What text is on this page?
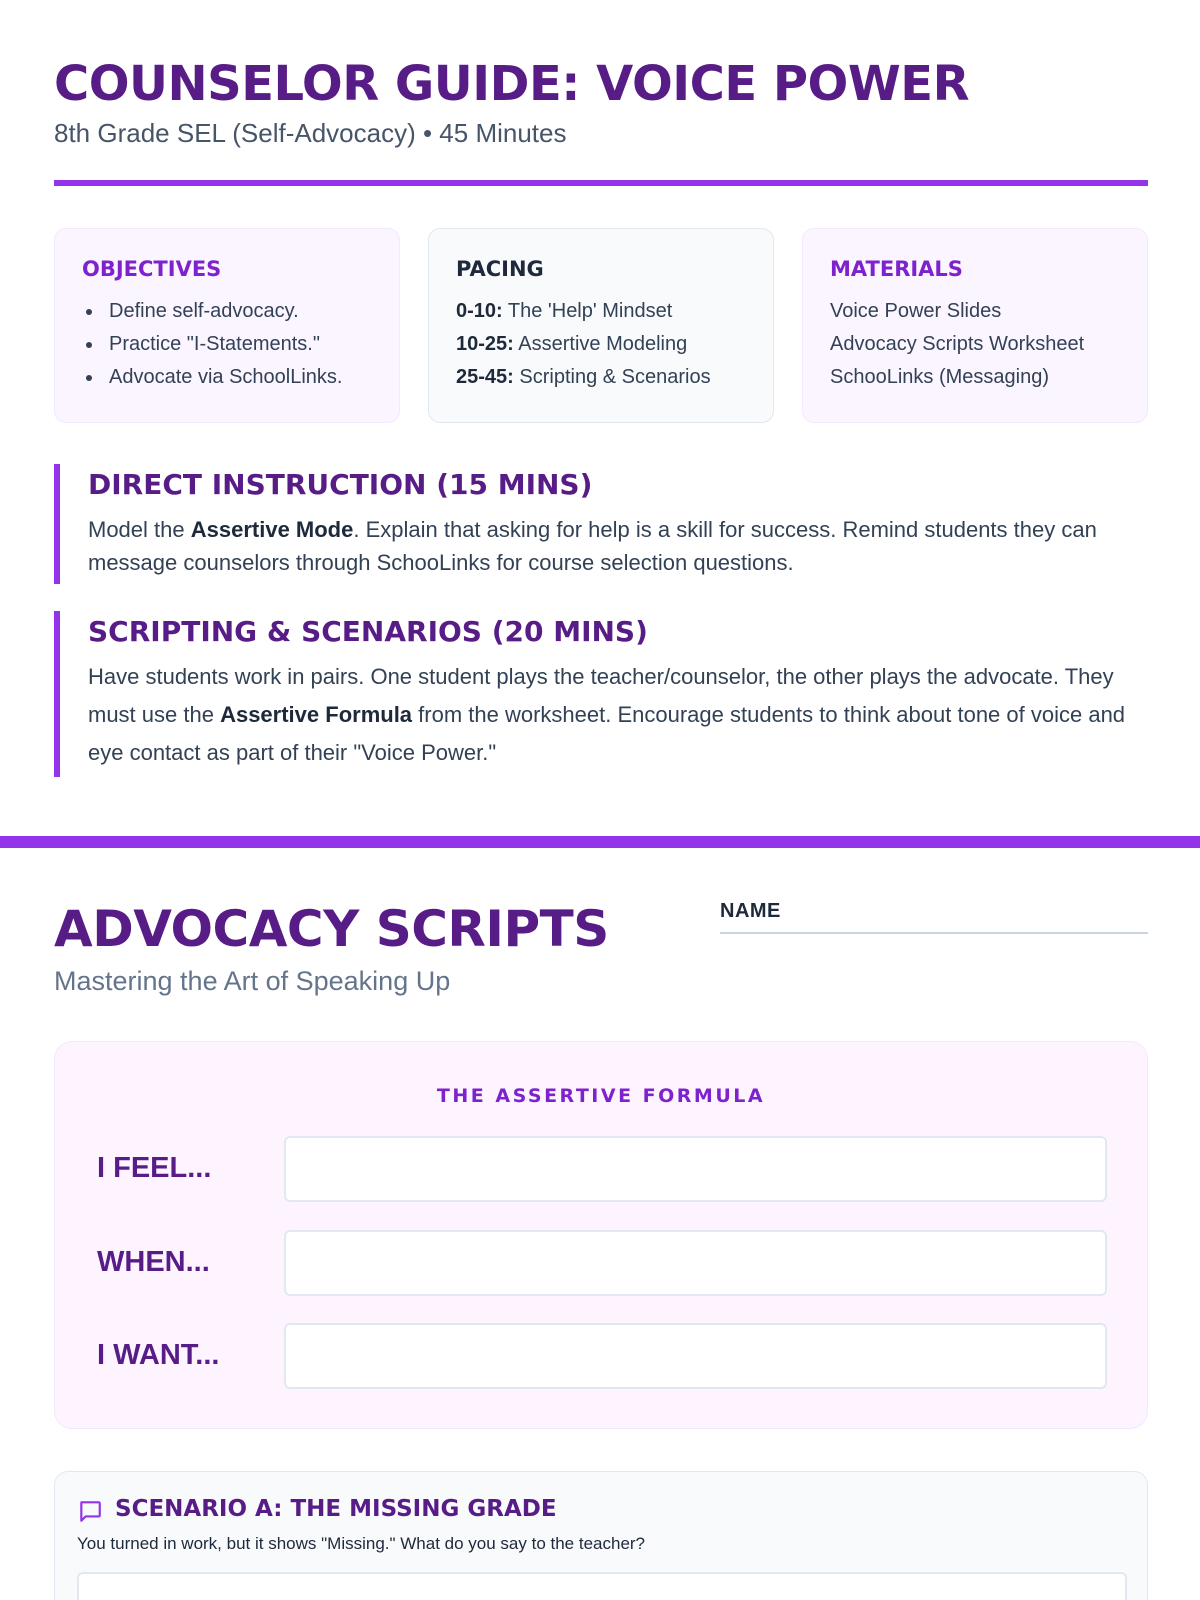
COUNSELOR GUIDE: VOICE POWER
8th Grade SEL (Self-Advocacy) • 45 Minutes
OBJECTIVES
Define self-advocacy.
Practice "I-Statements."
Advocate via SchoolLinks.
PACING
0-10: The 'Help' Mindset
10-25: Assertive Modeling
25-45: Scripting & Scenarios
MATERIALS
Voice Power Slides
Advocacy Scripts Worksheet
SchooLinks (Messaging)
DIRECT INSTRUCTION (15 MINS)

Model the Assertive Mode. Explain that asking for help is a skill for success. Remind students they can message counselors through SchooLinks for course selection questions.

SCRIPTING & SCENARIOS (20 MINS)

Have students work in pairs. One student plays the teacher/counselor, the other plays the advocate. They must use the Assertive Formula from the worksheet. Encourage students to think about tone of voice and eye contact as part of their "Voice Power."

ADVOCACY SCRIPTS
Mastering the Art of Speaking Up
NAME
THE ASSERTIVE FORMULA
I FEEL...
WHEN...
I WANT...
SCENARIO A: THE MISSING GRADE
You turned in work, but it shows "Missing." What do you say to the teacher?
